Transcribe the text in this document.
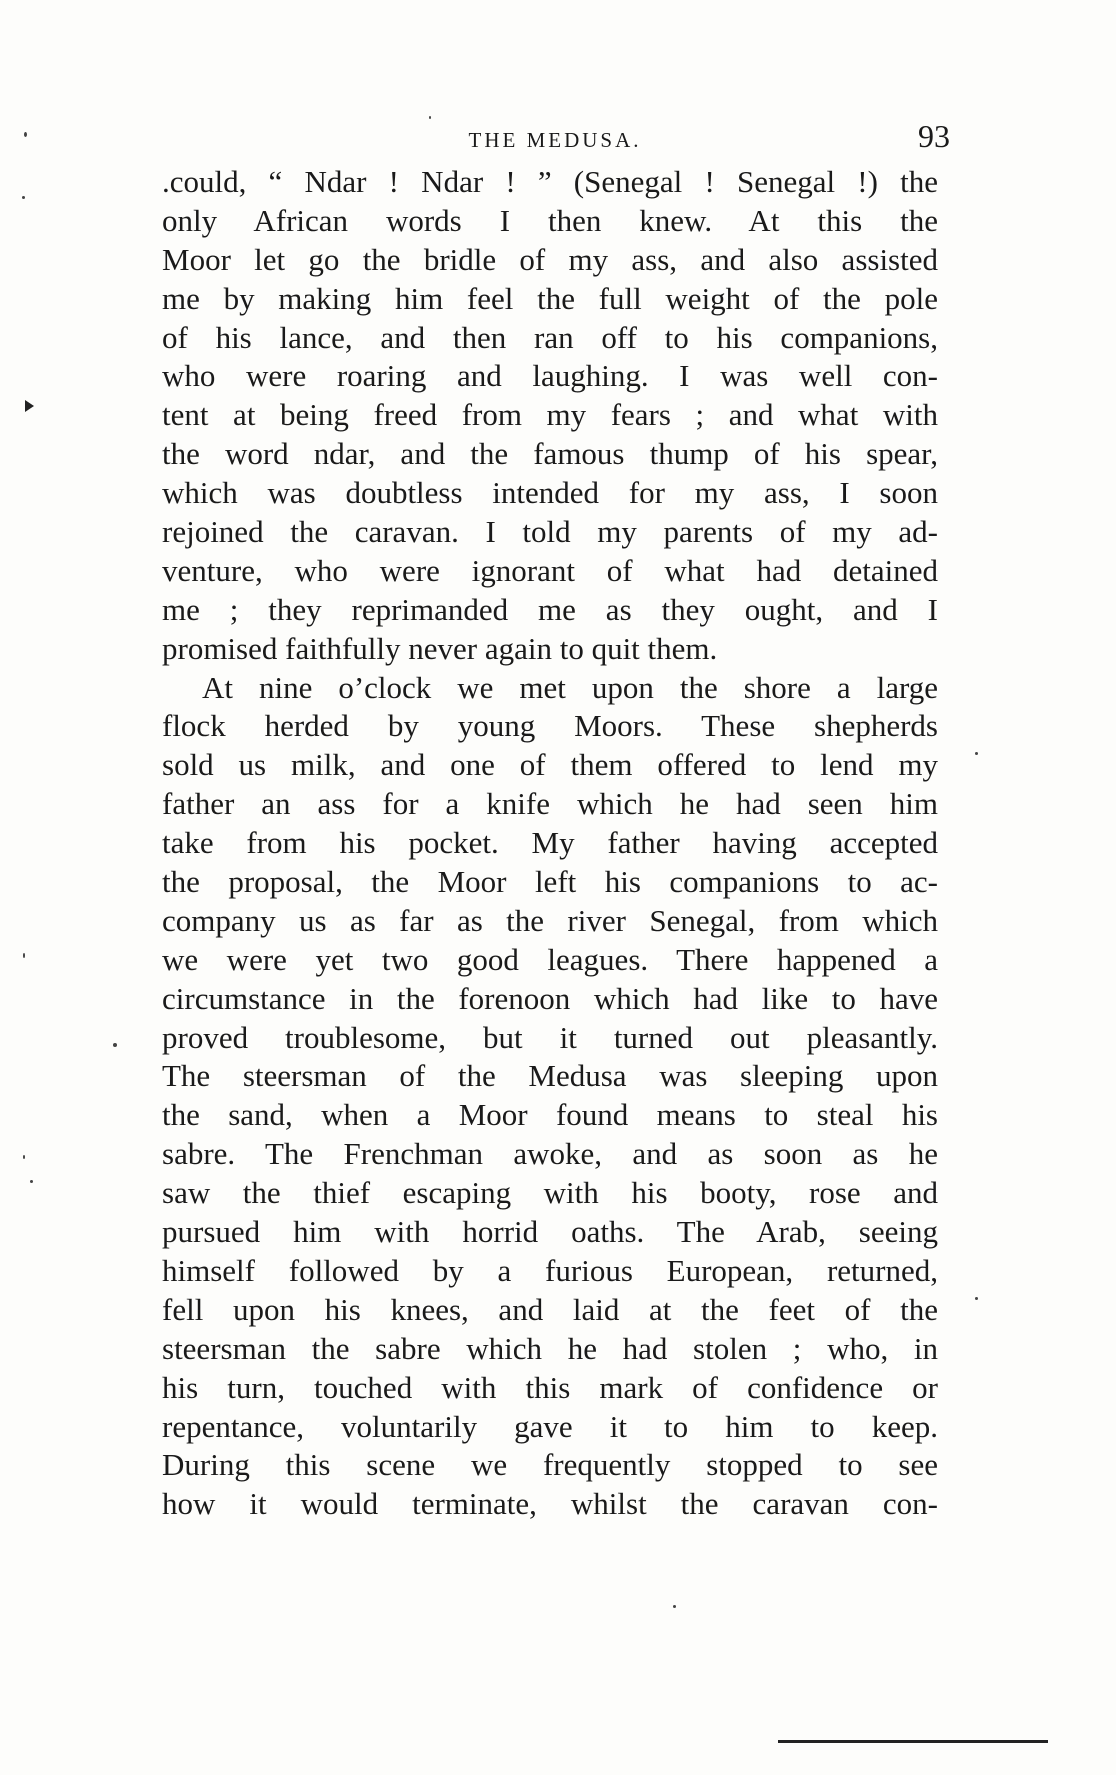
THE MEDUSA.	93
.could, “ Ndar ! Ndar ! ” (Senegal ! Senegal !) the
only African words I then knew. At this the
Moor let go the bridle of my ass, and also assisted
me by making him feel the full weight of the pole
of his lance, and then ran off to his companions,
who were roaring and laughing. I was well con-
tent at being freed from my fears ; and what with
the word ndar, and the famous thump of his spear,
which was doubtless intended for my ass, I soon
rejoined the caravan. I told my parents of my ad-
venture, who were ignorant of what had detained
me ; they reprimanded me as they ought, and I
promised faithfully never again to quit them.
At nine o’clock we met upon the shore a large
flock herded by young Moors. These shepherds
sold us milk, and one of them offered to lend my
father an ass for a knife which he had seen him
take from his pocket. My father having accepted
the proposal, the Moor left his companions to ac-
company us as far as the river Senegal, from which
we were yet two good leagues. There happened a
circumstance in the forenoon which had like to have
proved troublesome, but it turned out pleasantly.
The steersman of the Medusa was sleeping upon
the sand, when a Moor found means to steal his
sabre. The Frenchman awoke, and as soon as he
saw the thief escaping with his booty, rose and
pursued him with horrid oaths. The Arab, seeing
himself followed by a furious European, returned,
fell upon his knees, and laid at the feet of the
steersman the sabre which he had stolen ; who, in
his turn, touched with this mark of confidence or
repentance, voluntarily gave it to him to keep.
During this scene we frequently stopped to see
how it would terminate, whilst the caravan con-
